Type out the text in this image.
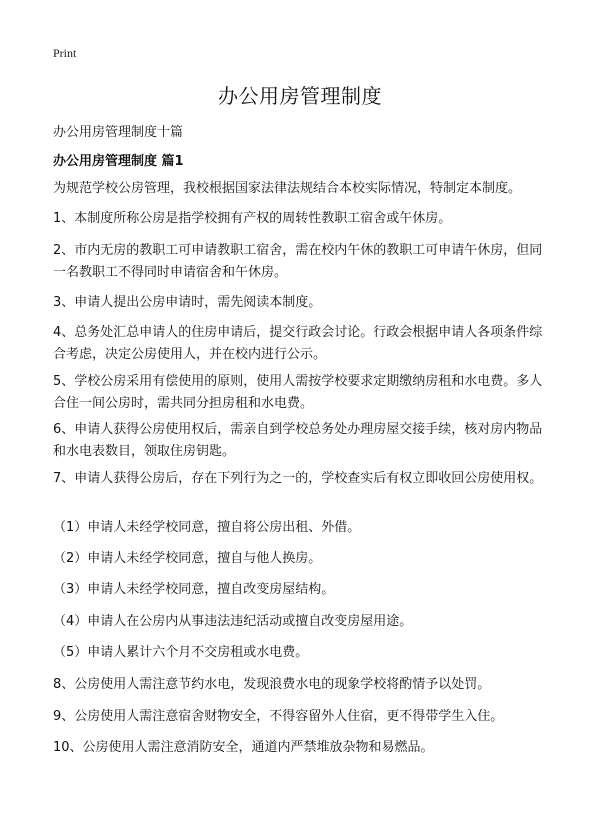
Print
办公用房管理制度
办公用房管理制度十篇
办公用房管理制度 篇1
为规范学校公房管理，我校根据国家法律法规结合本校实际情况，特制定本制度。
1、本制度所称公房是指学校拥有产权的周转性教职工宿舍或午休房。
2、市内无房的教职工可申请教职工宿舍，需在校内午休的教职工可申请午休房，但同一名教职工不得同时申请宿舍和午休房。
3、申请人提出公房申请时，需先阅读本制度。
4、总务处汇总申请人的住房申请后，提交行政会讨论。行政会根据申请人各项条件综合考虑，决定公房使用人，并在校内进行公示。
5、学校公房采用有偿使用的原则，使用人需按学校要求定期缴纳房租和水电费。多人合住一间公房时，需共同分担房租和水电费。
6、申请人获得公房使用权后，需亲自到学校总务处办理房屋交接手续，核对房内物品和水电表数目，领取住房钥匙。
7、申请人获得公房后，存在下列行为之一的，学校查实后有权立即收回公房使用权。
（1）申请人未经学校同意，擅自将公房出租、外借。
（2）申请人未经学校同意，擅自与他人换房。
（3）申请人未经学校同意，擅自改变房屋结构。
（4）申请人在公房内从事违法违纪活动或擅自改变房屋用途。
（5）申请人累计六个月不交房租或水电费。
8、公房使用人需注意节约水电，发现浪费水电的现象学校将酌情予以处罚。
9、公房使用人需注意宿舍财物安全，不得容留外人住宿，更不得带学生入住。
10、公房使用人需注意消防安全，通道内严禁堆放杂物和易燃品。
